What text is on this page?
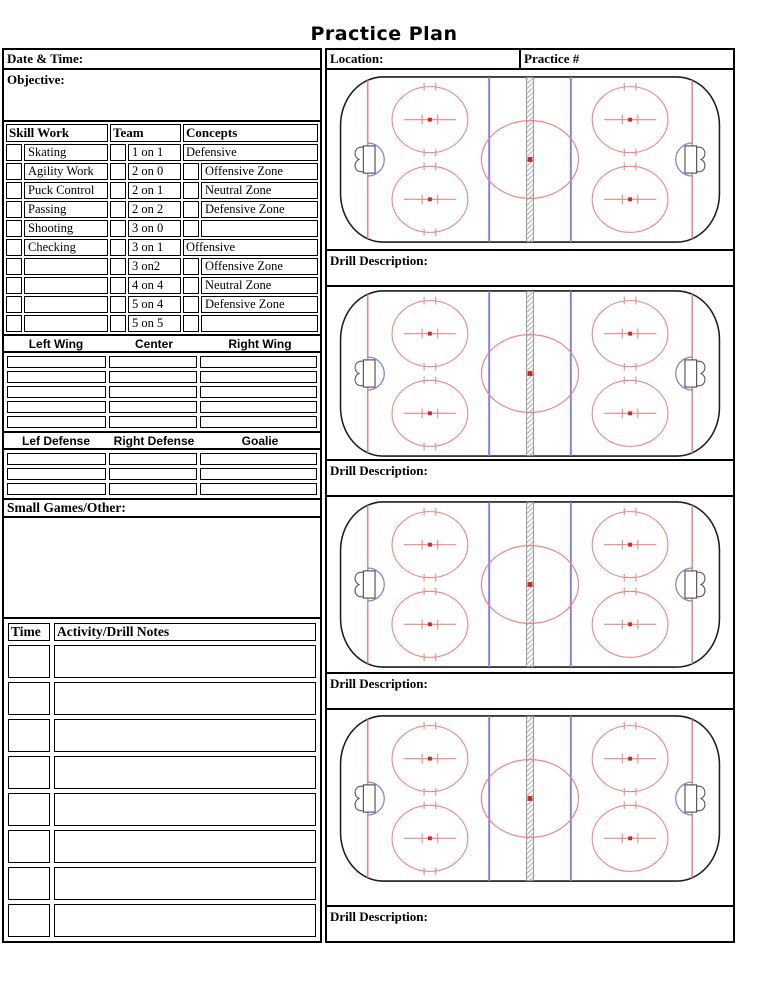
Practice Plan
Date & Time:
Objective:
Skill Work		Team		Concepts	
	Skating		1 on 1	Defensive	
	Agility Work		2 on 0		Offensive Zone
	Puck Control		2 on 1		Neutral Zone
	Passing		2 on 2		Defensive Zone
	Shooting		3 on 0		
	Checking		3 on 1	Offensive	
			3 on2		Offensive Zone
			4 on 4		Neutral Zone
			5 on 4		Defensive Zone
			5 on 5		
Left Wing	Center	Right Wing

Lef Defense	Right Defense	Goalie

Small Games/Other:
Time	Activity/Drill Notes

Location:	Practice #
Drill Description:
Drill Description:
Drill Description:
Drill Description:
